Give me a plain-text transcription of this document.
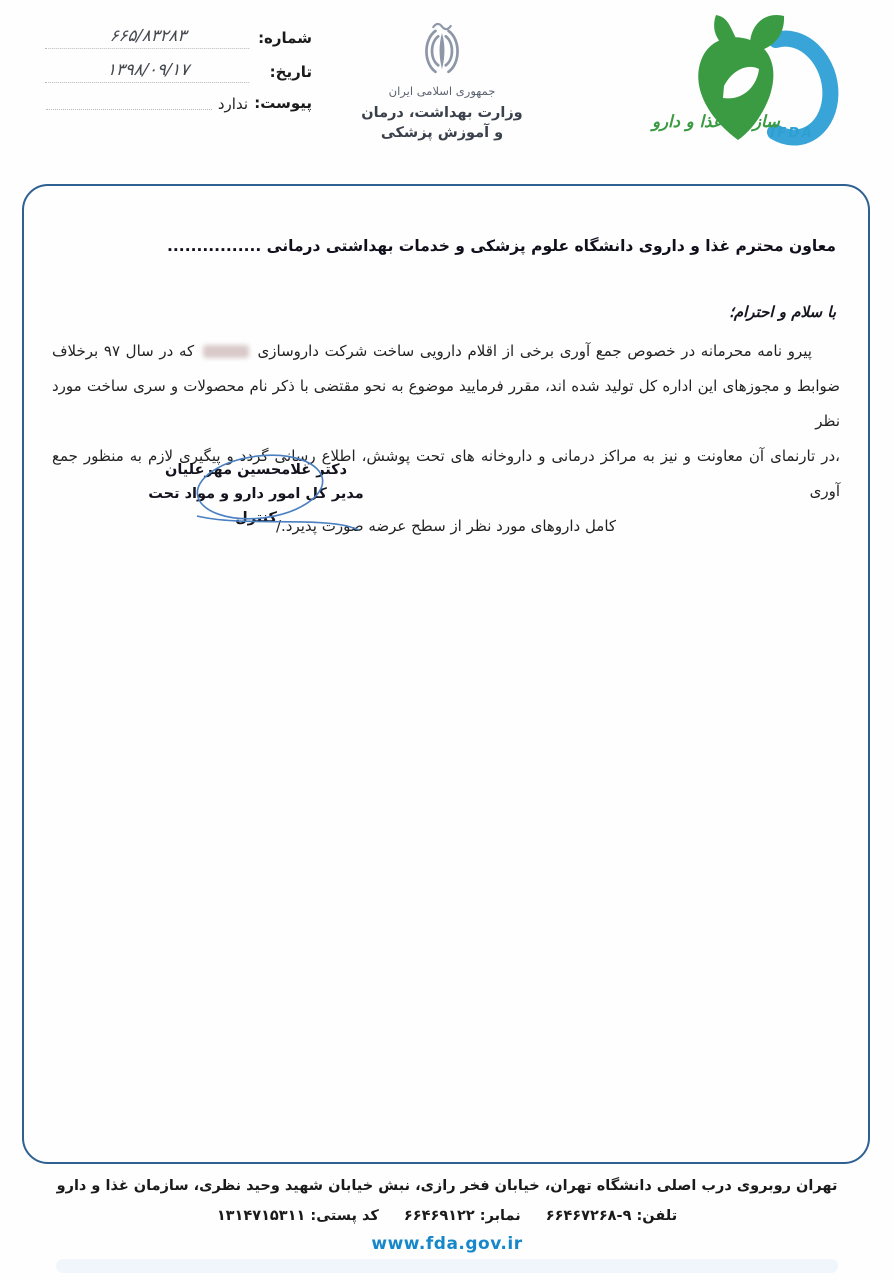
شماره:
۶۶۵/۸۳۲۸۳
تاریخ:
۱۳۹۸/۰۹/۱۷
پیوست:
ندارد
جمهوری اسلامی ایران
وزارت بهداشت، درمان
و آموزش پزشکی
سازمان غذا و دارو
IFDA
معاون محترم غذا و داروی دانشگاه علوم پزشکی و خدمات بهداشتی درمانی ................
با سلام و احترام؛
پیرو نامه محرمانه در خصوص جمع آوری برخی از اقلام دارویی ساخت شرکت داروسازی  که در سال ۹۷ برخلاف
ضوابط و مجوزهای این اداره کل تولید شده اند، مقرر فرمایید موضوع به نحو مقتضی با ذکر نام محصولات و سری ساخت مورد نظر
،در تارنمای آن معاونت و نیز به مراکز درمانی و داروخانه های تحت پوشش، اطلاع رسانی گردد و پیگیری لازم به منظور جمع آوری
کامل داروهای مورد نظر از سطح عرضه صورت پذیرد./
دکتر غلامحسین مهرعلیان
مدیر کل امور دارو و مواد تحت کنترل
تهران روبروی درب اصلی دانشگاه تهران، خیابان فخر رازی، نبش خیابان شهید وحید نظری، سازمان غذا و دارو
تلفن: ۹-۶۶۴۶۷۲۶۸ نمابر: ۶۶۴۶۹۱۲۲ کد پستی: ۱۳۱۴۷۱۵۳۱۱
www.fda.gov.ir
